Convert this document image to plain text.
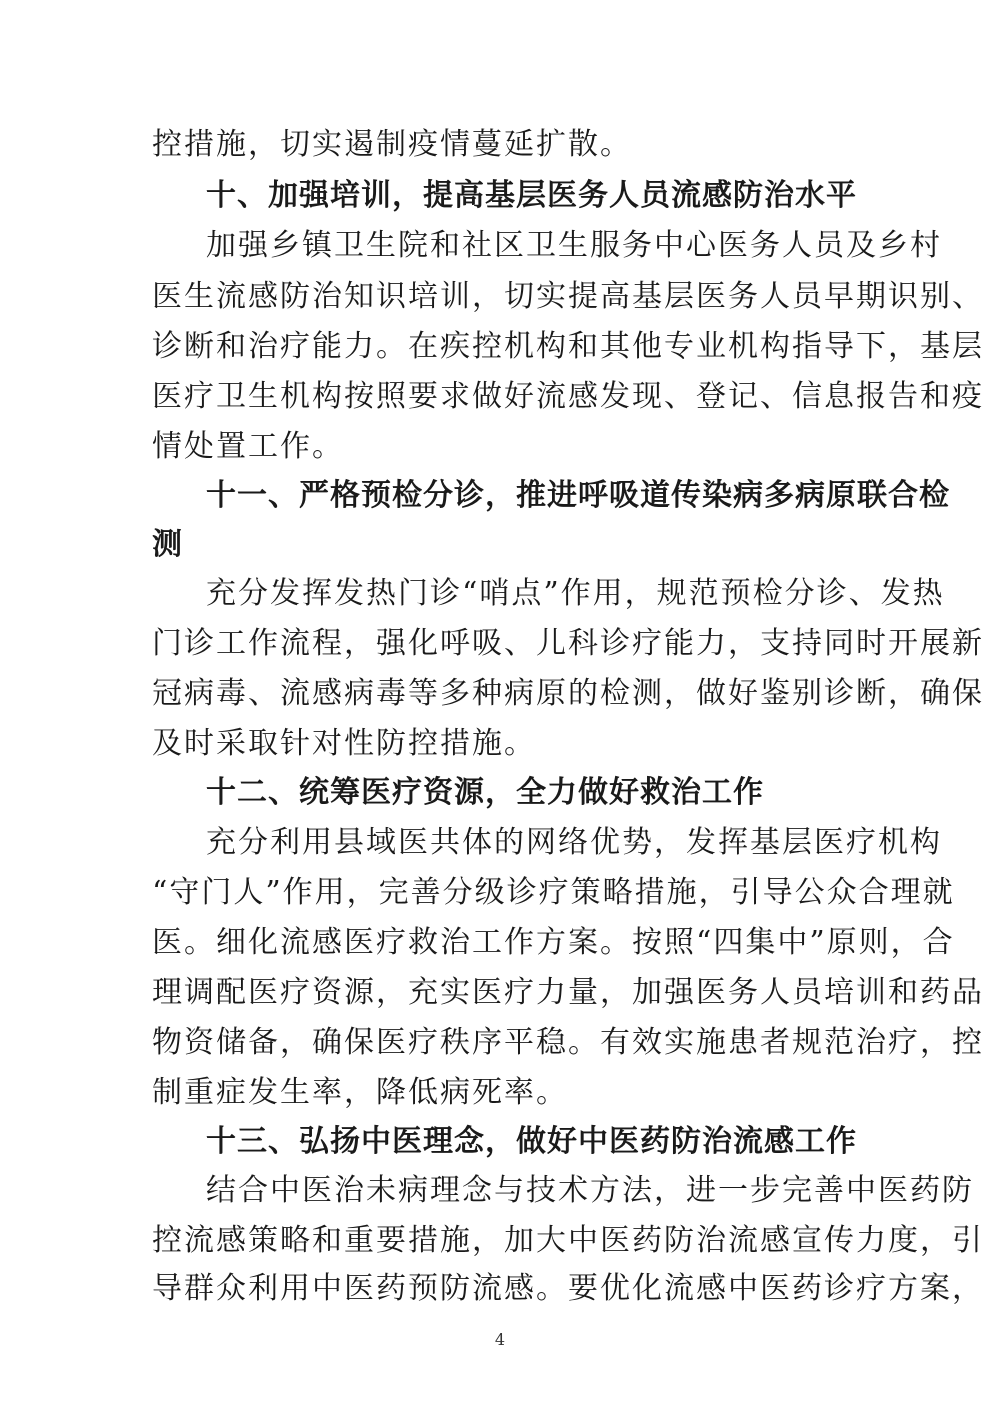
控措施，切实遏制疫情蔓延扩散。
十、加强培训，提高基层医务人员流感防治水平
加强乡镇卫生院和社区卫生服务中心医务人员及乡村
医生流感防治知识培训，切实提高基层医务人员早期识别、
诊断和治疗能力。在疾控机构和其他专业机构指导下，基层
医疗卫生机构按照要求做好流感发现、登记、信息报告和疫
情处置工作。
十一、严格预检分诊，推进呼吸道传染病多病原联合检
测
充分发挥发热门诊“哨点”作用，规范预检分诊、发热
门诊工作流程，强化呼吸、儿科诊疗能力，支持同时开展新
冠病毒、流感病毒等多种病原的检测，做好鉴别诊断，确保
及时采取针对性防控措施。
十二、统筹医疗资源，全力做好救治工作
充分利用县域医共体的网络优势，发挥基层医疗机构
“守门人”作用，完善分级诊疗策略措施，引导公众合理就
医。细化流感医疗救治工作方案。按照“四集中”原则，合
理调配医疗资源，充实医疗力量，加强医务人员培训和药品
物资储备，确保医疗秩序平稳。有效实施患者规范治疗，控
制重症发生率，降低病死率。
十三、弘扬中医理念，做好中医药防治流感工作
结合中医治未病理念与技术方法，进一步完善中医药防
控流感策略和重要措施，加大中医药防治流感宣传力度，引
导群众利用中医药预防流感。要优化流感中医药诊疗方案，
4
